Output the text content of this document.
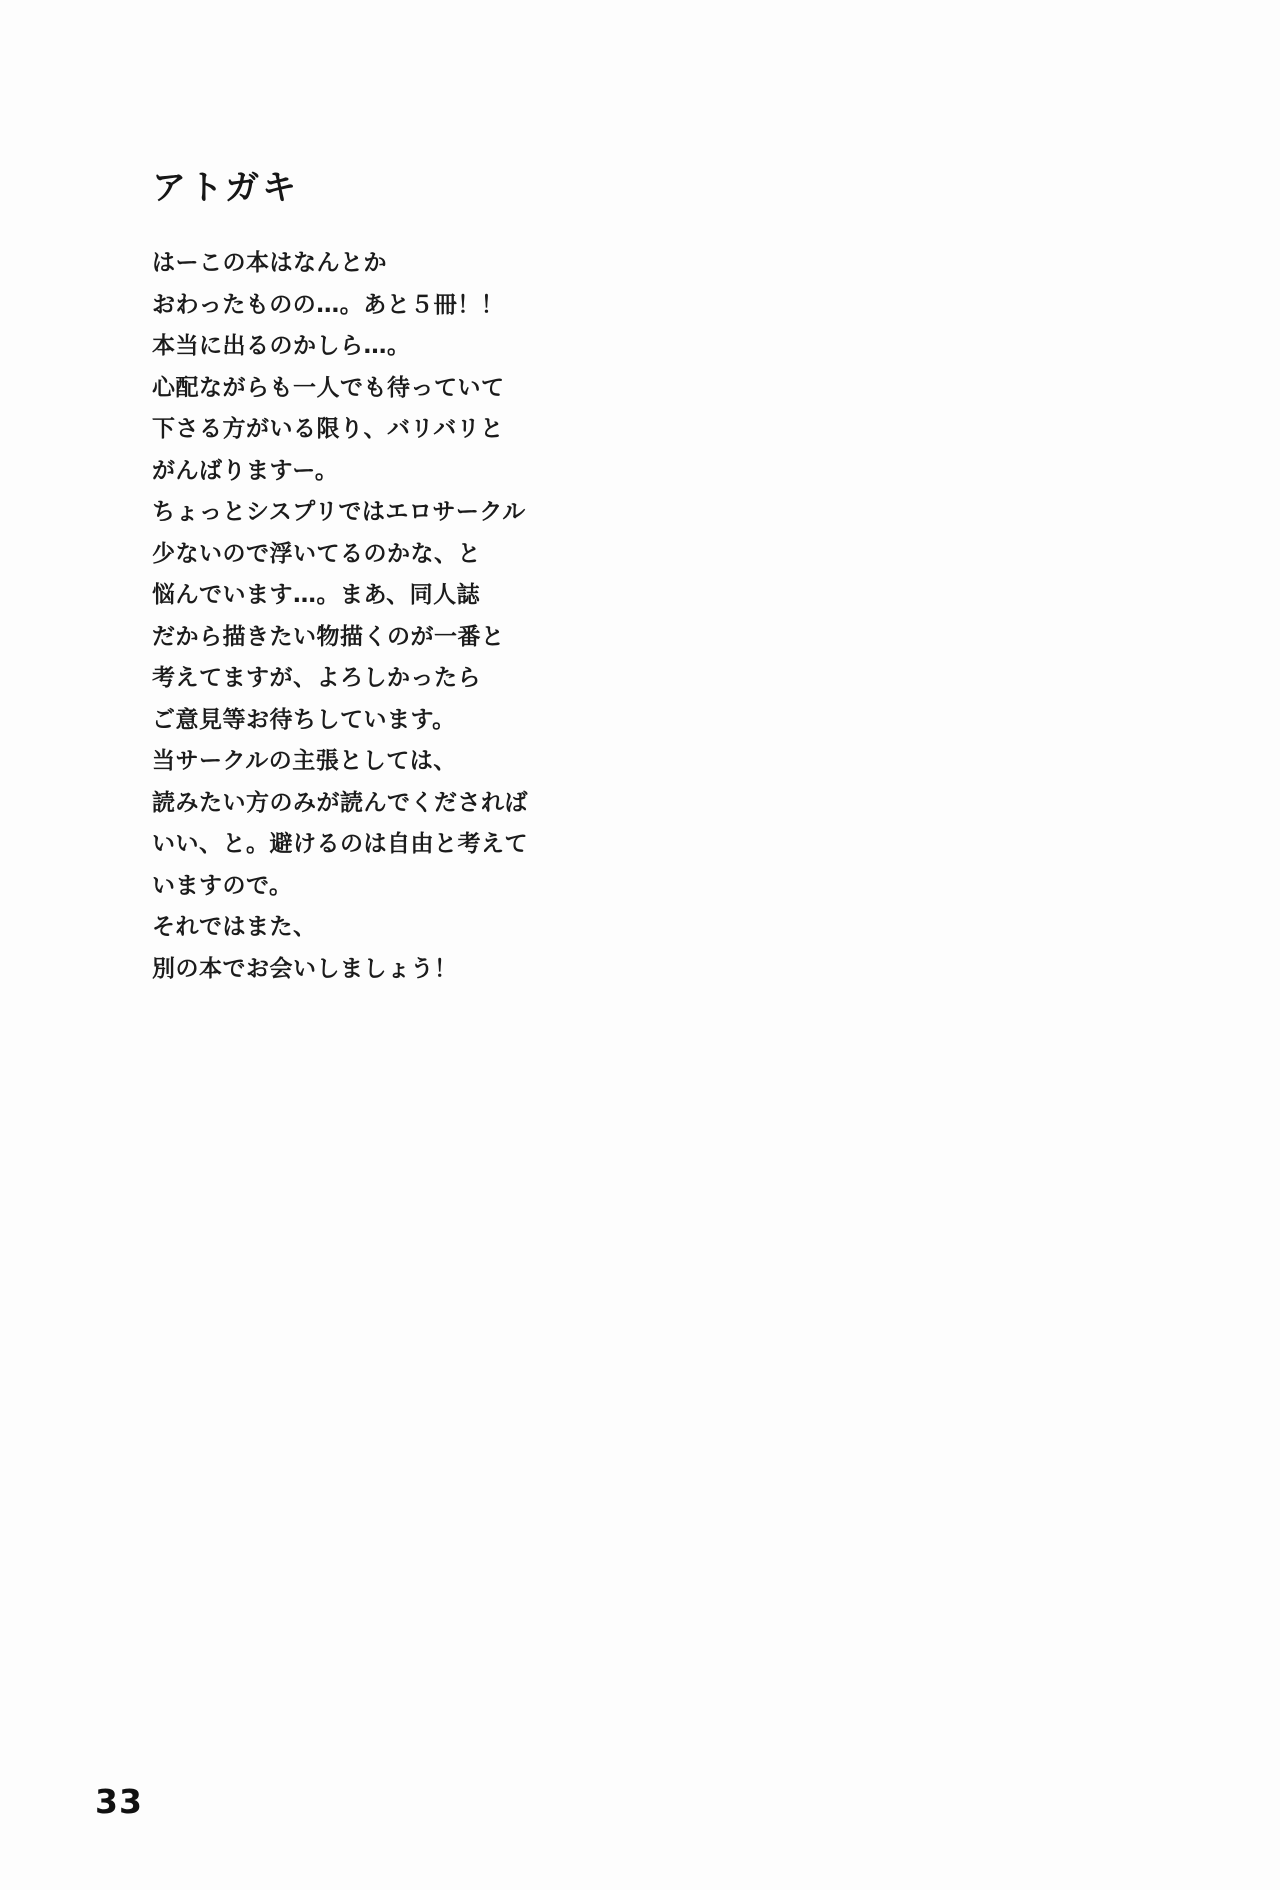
アトガキ
はーこの本はなんとか
おわったものの…。あと５冊！！
本当に出るのかしら…。
心配ながらも一人でも待っていて
下さる方がいる限り、バリバリと
がんばりますー。
ちょっとシスプリではエロサークル
少ないので浮いてるのかな、と
悩んでいます…。まあ、同人誌
だから描きたい物描くのが一番と
考えてますが、よろしかったら
ご意見等お待ちしています。
当サークルの主張としては、
読みたい方のみが読んでくだされば
いい、と。避けるのは自由と考えて
いますので。
それではまた、
別の本でお会いしましょう！
33
